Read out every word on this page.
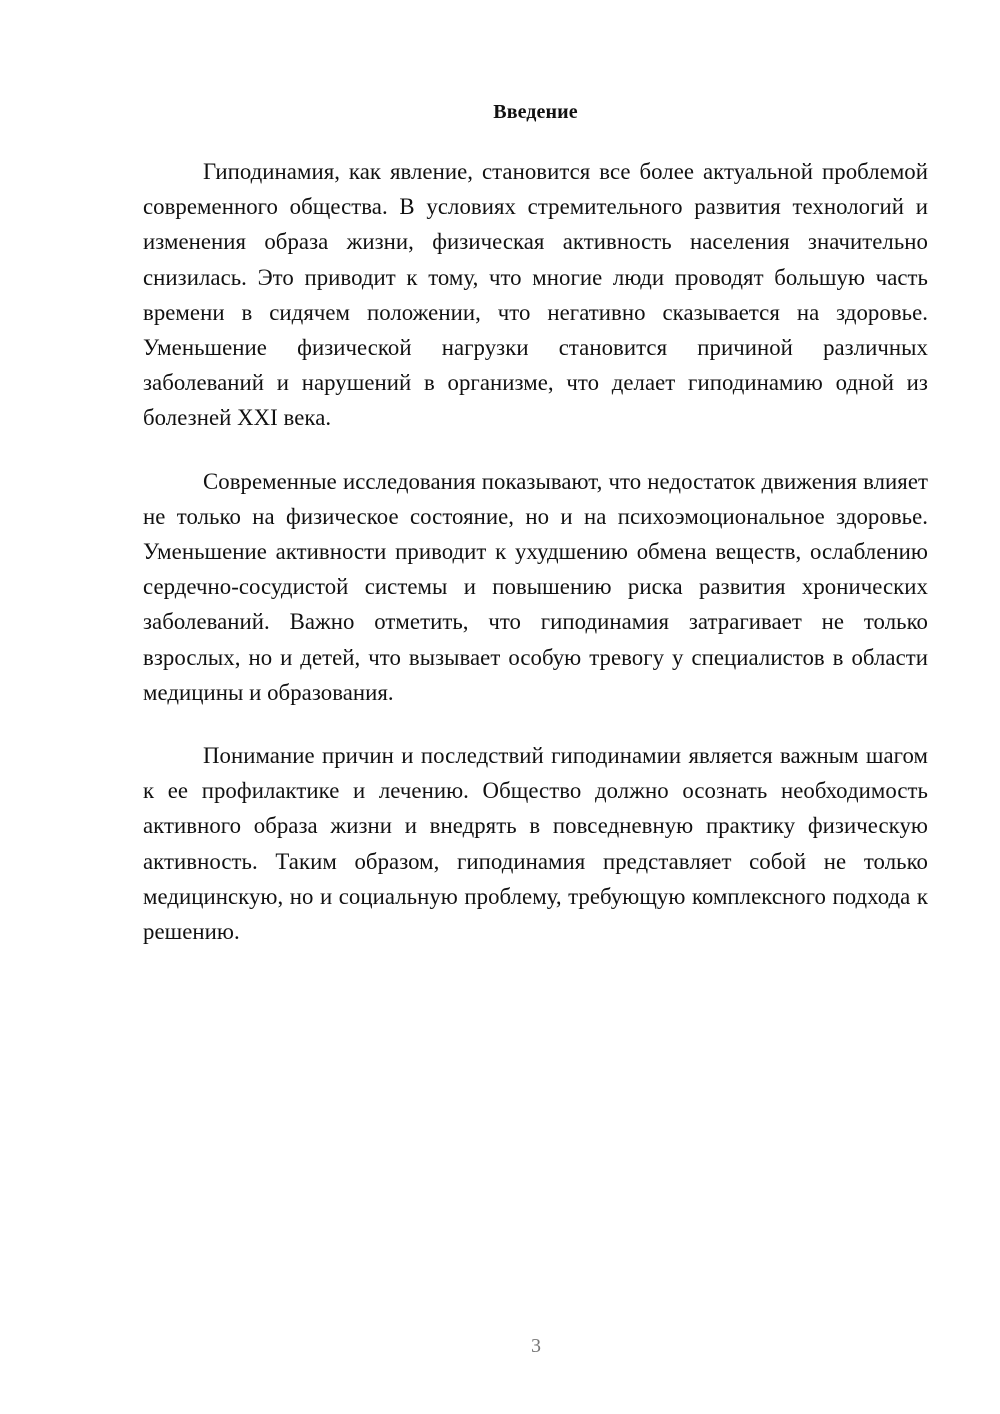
Введение

Гиподинамия, как явление, становится все более актуальной проблемой современного общества. В условиях стремительного развития технологий и изменения образа жизни, физическая активность населения значительно снизилась. Это приводит к тому, что многие люди проводят большую часть времени в сидячем положении, что негативно сказывается на здоровье. Уменьшение физической нагрузки становится причиной различных заболеваний и нарушений в организме, что делает гиподинамию одной из болезней XXI века.

Современные исследования показывают, что недостаток движения влияет не только на физическое состояние, но и на психоэмоциональное здоровье. Уменьшение активности приводит к ухудшению обмена веществ, ослаблению сердечно-сосудистой системы и повышению риска развития хронических заболеваний. Важно отметить, что гиподинамия затрагивает не только взрослых, но и детей, что вызывает особую тревогу у специалистов в области медицины и образования.

Понимание причин и последствий гиподинамии является важным шагом к ее профилактике и лечению. Общество должно осознать необходимость активного образа жизни и внедрять в повседневную практику физическую активность. Таким образом, гиподинамия представляет собой не только медицинскую, но и социальную проблему, требующую комплексного подхода к решению.

3
